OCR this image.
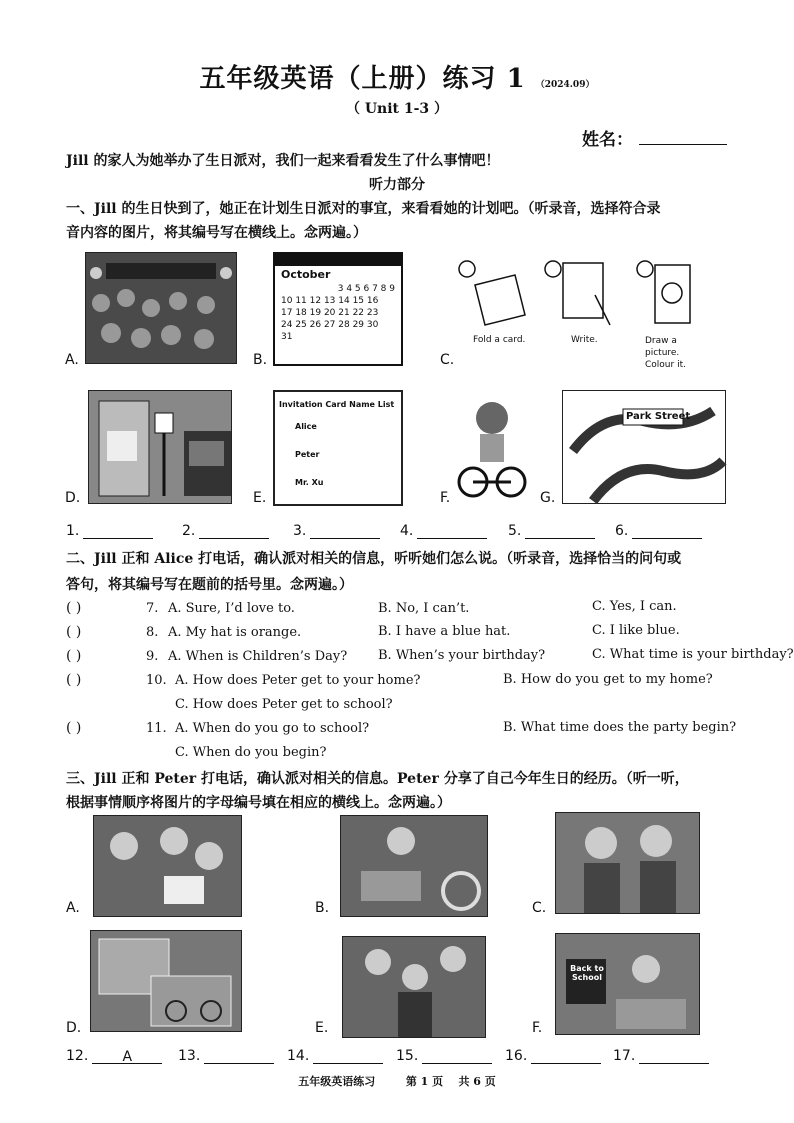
五年级英语（上册）练习 1 （2024.09）
（ Unit 1-3 ）
姓名：
Jill 的家人为她举办了生日派对，我们一起来看看发生了什么事情吧！
听力部分
一、Jill 的生日快到了，她正在计划生日派对的事宜，来看看她的计划吧。（听录音，选择符合录
音内容的图片，将其编号写在横线上。念两遍。）
A.
October
3 4 5 6 7 8 9
10 11 12 13 14 15 16
17 18 19 20 21 22 23
24 25 26 27 28 29 30
31
B.
Fold a card.	Write.	Draw a picture. Colour it.
C.
D.
Invitation Card Name List
Alice
Peter
Mr. Xu
E.	F.
Park Street
G.
1.	2.	3.	4.	5.	6.
二、Jill 正和 Alice 打电话，确认派对相关的信息，听听她们怎么说。（听录音，选择恰当的问句或
答句，将其编号写在题前的括号里。念两遍。）
( )	7. A. Sure, I’d love to.	B. No, I can’t.	C. Yes, I can.
( )	8. A. My hat is orange.	B. I have a blue hat.	C. I like blue.
( )	9. A. When is Children’s Day? B. When’s your birthday?	C. What time is your birthday?
( )	10. A. How does Peter get to your home?	B. How do you get to my home?
C. How does Peter get to school?
( )	11. A. When do you go to school?	B. What time does the party begin?
C. When do you begin?
三、Jill 正和 Peter 打电话，确认派对相关的信息。Peter 分享了自己今年生日的经历。（听一听，
根据事情顺序将图片的字母编号填在相应的横线上。念两遍。）
A.	B.	C.
D.	E.
Back to School
F.
12. A	13.	14.	15.	16.	17.
五年级英语练习        第 1 页    共 6 页
